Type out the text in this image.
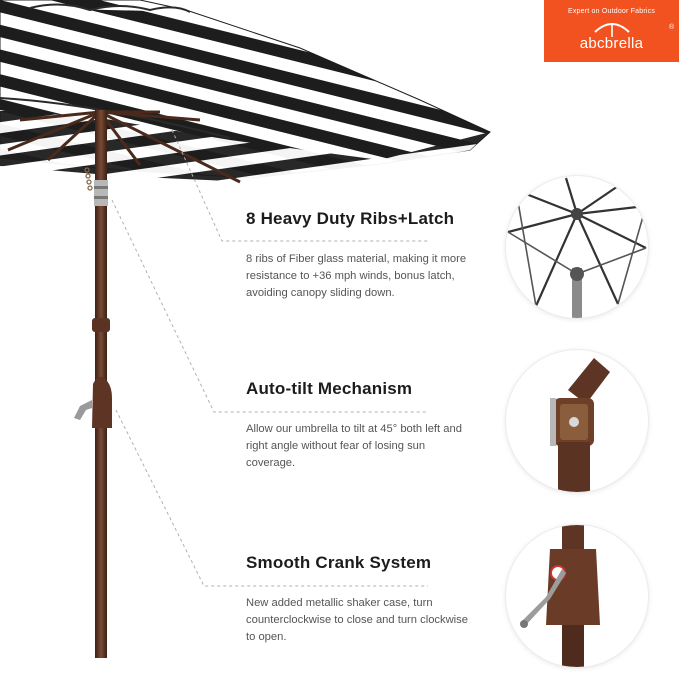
Expert on Outdoor Fabrics
abcbrella
®
8 Heavy Duty Ribs+Latch
8 ribs of Fiber glass material, making it more resistance to +36 mph winds, bonus latch, avoiding canopy sliding down.
Auto-tilt Mechanism
Allow our umbrella to tilt at 45° both left and right angle without fear of losing sun coverage.
Smooth Crank System
New added metallic shaker case, turn counterclockwise to close and turn clockwise to open.
